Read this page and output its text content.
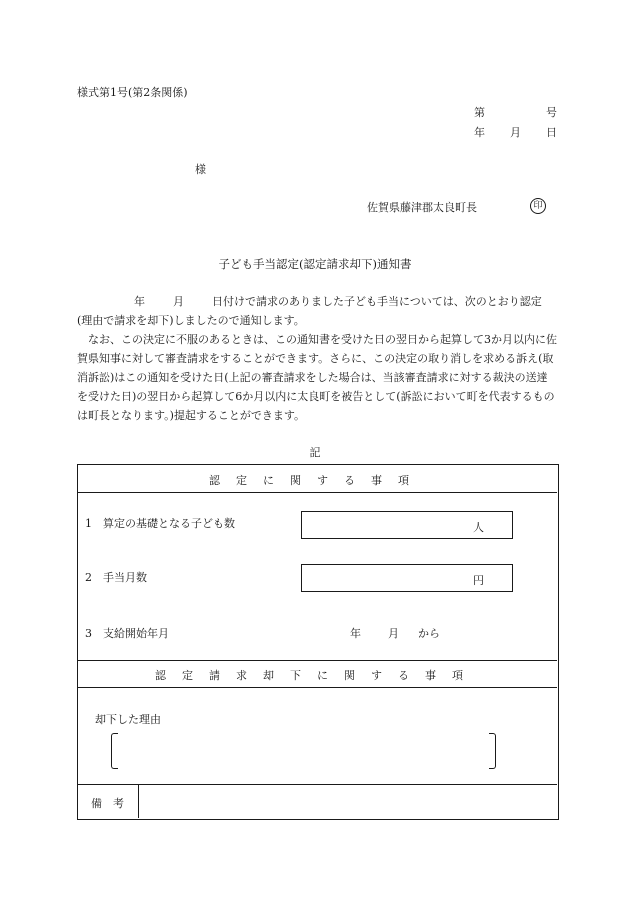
様式第1号(第2条関係)
第	号
年 月 日
様
佐賀県藤津郡太良町長	印
子ども手当認定(認定請求却下)通知書
年	月	日付けで請求のありました子ども手当については、次のとおり認定(理由で請求を却下)しましたので通知します。
なお、この決定に不服のあるときは、この通知書を受けた日の翌日から起算して3か月以内に佐賀県知事に対して審査請求をすることができます。さらに、この決定の取り消しを求める訴え(取消訴訟)はこの通知を受けた日(上記の審査請求をした場合は、当該審査請求に対する裁決の送達を受けた日)の翌日から起算して6か月以内に太良町を被告として(訴訟において町を代表するものは町長となります。)提起することができます。
記
認定に関する事項
1　算定の基礎となる子ども数	人
2　手当月数	円
3　支給開始年月	年 月 から
認定請求却下に関する事項
却下した理由
備　考
